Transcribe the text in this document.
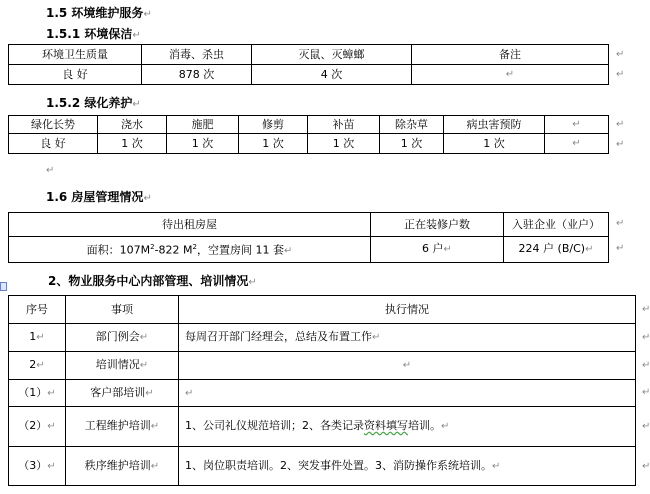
1.5 环境维护服务↵
1.5.1 环境保洁↵
环境卫生质量	消毒、杀虫	灭鼠、灭蟑螂	备注
良 好	878 次	4 次	↵
↵
↵
1.5.2 绿化养护↵
绿化长势	浇水	施肥	修剪	补苗	除杂草	病虫害预防	↵
良 好	1 次	1 次	1 次	1 次	1 次	1 次	↵
↵
↵
↵
1.6 房屋管理情况↵
待出租房屋	正在装修户数	入驻企业（业户）
面积：$107M^2-822$ $M^2$，空置房间 11 套↵	6 户↵	224 户 (B/C)↵
↵
↵
2、物业服务中心内部管理、培训情况↵
序号	事项	执行情况
1↵	部门例会↵	每周召开部门经理会，总结及布置工作↵
2↵	培训情况↵	↵
（1）↵	客户部培训↵	↵
（2）↵	工程维护培训↵	1、公司礼仪规范培训；2、各类记录资料填写培训。↵
（3）↵	秩序维护培训↵	1、岗位职责培训。2、突发事件处置。3、消防操作系统培训。↵
↵
↵
↵
↵
↵
↵
